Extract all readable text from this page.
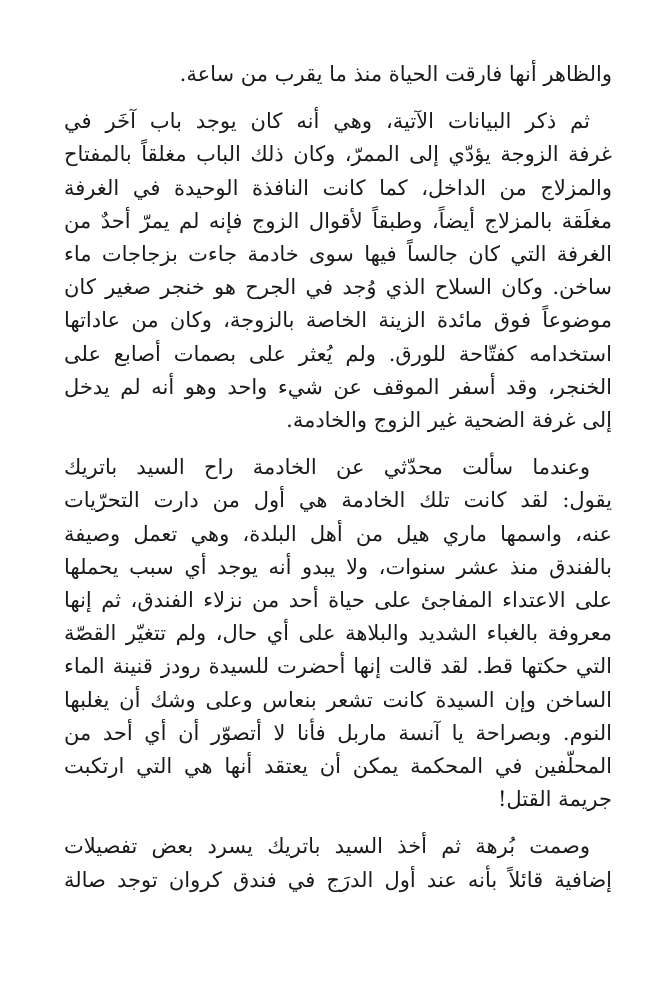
والظاهر أنها فارقت الحياة منذ ما يقرب من ساعة.

ثم ذكر البيانات الآتية، وهي أنه كان يوجد باب آخَر في
غرفة الزوجة يؤدّي إلى الممرّ، وكان ذلك الباب مغلقاً بالمفتاح
والمزلاج من الداخل، كما كانت النافذة الوحيدة في الغرفة
مغلَقة بالمزلاج أيضاً، وطبقاً لأقوال الزوج فإنه لم يمرّ أحدٌ من
الغرفة التي كان جالساً فيها سوى خادمة جاءت بزجاجات ماء
ساخن. وكان السلاح الذي وُجد في الجرح هو خنجر صغير كان
موضوعاً فوق مائدة الزينة الخاصة بالزوجة، وكان من عاداتها
استخدامه كفتّاحة للورق. ولم يُعثر على بصمات أصابع على
الخنجر، وقد أسفر الموقف عن شيء واحد وهو أنه لم يدخل
إلى غرفة الضحية غير الزوج والخادمة.

وعندما سألت محدّثي عن الخادمة راح السيد باتريك
يقول: لقد كانت تلك الخادمة هي أول من دارت التحرّيات
عنه، واسمها ماري هيل من أهل البلدة، وهي تعمل وصيفة
بالفندق منذ عشر سنوات، ولا يبدو أنه يوجد أي سبب يحملها
على الاعتداء المفاجئ على حياة أحد من نزلاء الفندق، ثم إنها
معروفة بالغباء الشديد والبلاهة على أي حال، ولم تتغيّر القصّة
التي حكتها قط. لقد قالت إنها أحضرت للسيدة رودز قنينة الماء
الساخن وإن السيدة كانت تشعر بنعاس وعلى وشك أن يغلبها
النوم. وبصراحة يا آنسة ماربل فأنا لا أتصوّر أن أي أحد من
المحلّفين في المحكمة يمكن أن يعتقد أنها هي التي ارتكبت
جريمة القتل!

وصمت بُرهة ثم أخذ السيد باتريك يسرد بعض تفصيلات
إضافية قائلاً بأنه عند أول الدرَج في فندق كروان توجد صالة
